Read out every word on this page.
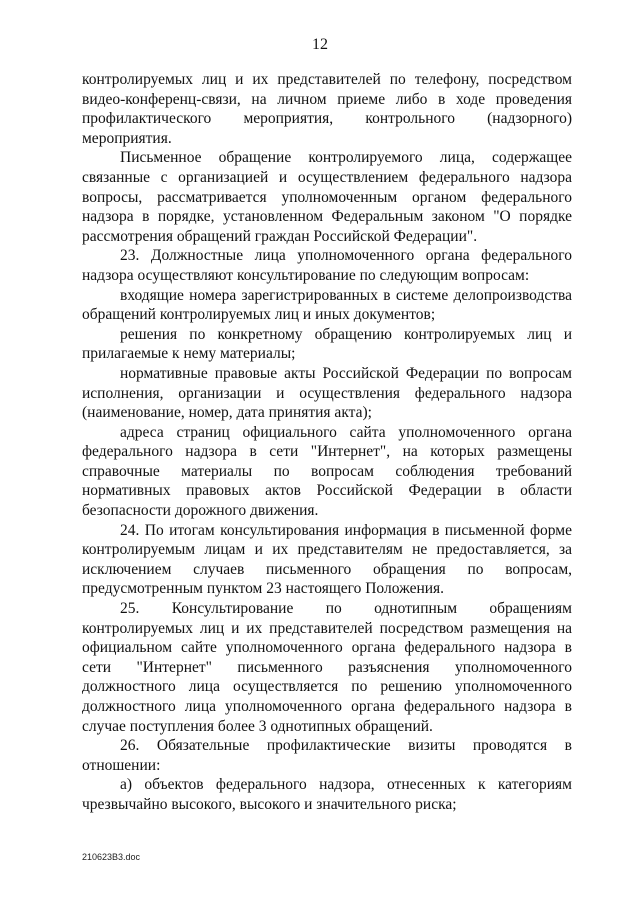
12

контролируемых лиц и их представителей по телефону, посредством видео-конференц-связи, на личном приеме либо в ходе проведения профилактического мероприятия, контрольного (надзорного) мероприятия.

Письменное обращение контролируемого лица, содержащее связанные с организацией и осуществлением федерального надзора вопросы, рассматривается уполномоченным органом федерального надзора в порядке, установленном Федеральным законом "О порядке рассмотрения обращений граждан Российской Федерации".

23. Должностные лица уполномоченного органа федерального надзора осуществляют консультирование по следующим вопросам:

входящие номера зарегистрированных в системе делопроизводства обращений контролируемых лиц и иных документов;

решения по конкретному обращению контролируемых лиц и прилагаемые к нему материалы;

нормативные правовые акты Российской Федерации по вопросам исполнения, организации и осуществления федерального надзора (наименование, номер, дата принятия акта);

адреса страниц официального сайта уполномоченного органа федерального надзора в сети "Интернет", на которых размещены справочные материалы по вопросам соблюдения требований нормативных правовых актов Российской Федерации в области безопасности дорожного движения.

24. По итогам консультирования информация в письменной форме контролируемым лицам и их представителям не предоставляется, за исключением случаев письменного обращения по вопросам, предусмотренным пунктом 23 настоящего Положения.

25. Консультирование по однотипным обращениям контролируемых лиц и их представителей посредством размещения на официальном сайте уполномоченного органа федерального надзора в сети "Интернет" письменного разъяснения уполномоченного должностного лица осуществляется по решению уполномоченного должностного лица уполномоченного органа федерального надзора в случае поступления более 3 однотипных обращений.

26. Обязательные профилактические визиты проводятся в отношении:

а) объектов федерального надзора, отнесенных к категориям чрезвычайно высокого, высокого и значительного риска;

210623В3.doc
